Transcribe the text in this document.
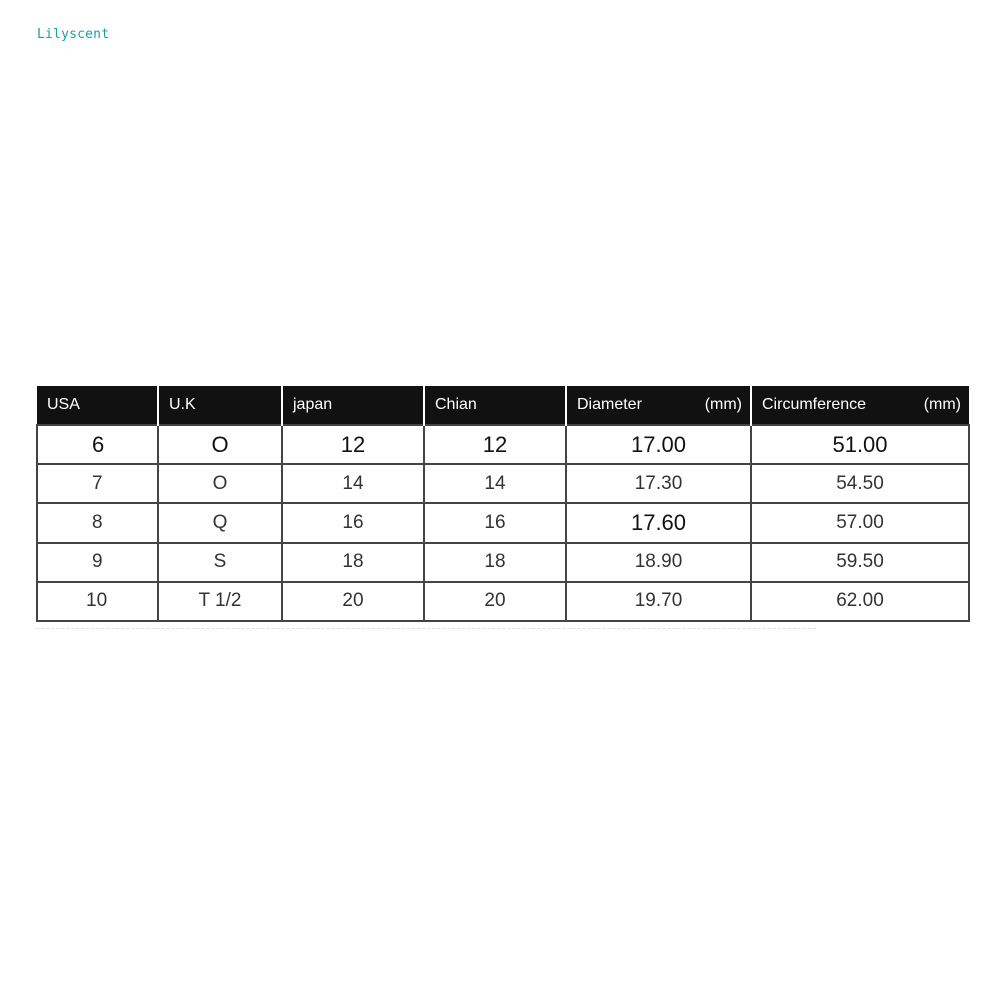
Lilyscent
USA	U.K	japan	Chian	Diameter (mm)	Circumference (mm)

6	O	12	12	17.00	51.00
7	O	14	14	17.30	54.50
8	Q	16	16	17.60	57.00
9	S	18	18	18.90	59.50
10	T 1/2	20	20	19.70	62.00
